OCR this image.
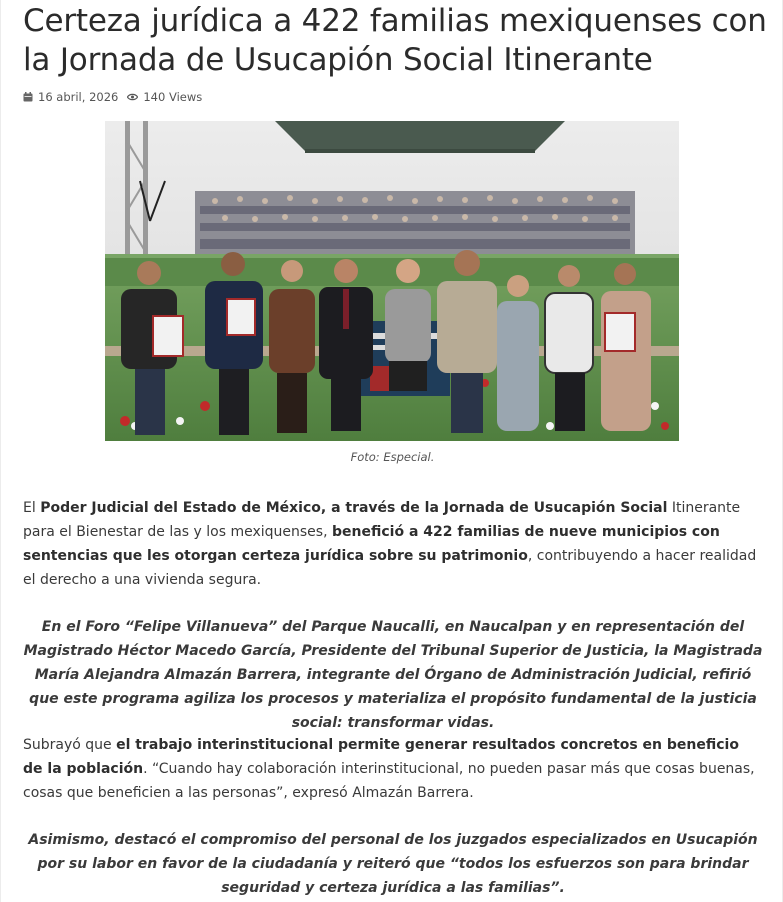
Certeza jurídica a 422 familias mexiquenses con la Jornada de Usucapión Social Itinerante
16 abril, 2026 140 Views
Foto: Especial.

El Poder Judicial del Estado de México, a través de la Jornada de Usucapión Social Itinerante para el Bienestar de las y los mexiquenses, benefició a 422 familias de nueve municipios con sentencias que les otorgan certeza jurídica sobre su patrimonio, contribuyendo a hacer realidad el derecho a una vivienda segura.

En el Foro “Felipe Villanueva” del Parque Naucalli, en Naucalpan y en representación del Magistrado Héctor Macedo García, Presidente del Tribunal Superior de Justicia, la Magistrada María Alejandra Almazán Barrera, integrante del Órgano de Administración Judicial, refirió que este programa agiliza los procesos y materializa el propósito fundamental de la justicia social: transformar vidas.

Subrayó que el trabajo interinstitucional permite generar resultados concretos en beneficio de la población. “Cuando hay colaboración interinstitucional, no pueden pasar más que cosas buenas, cosas que beneficien a las personas”, expresó Almazán Barrera.

Asimismo, destacó el compromiso del personal de los juzgados especializados en Usucapión por su labor en favor de la ciudadanía y reiteró que “todos los esfuerzos son para brindar seguridad y certeza jurídica a las familias”.
